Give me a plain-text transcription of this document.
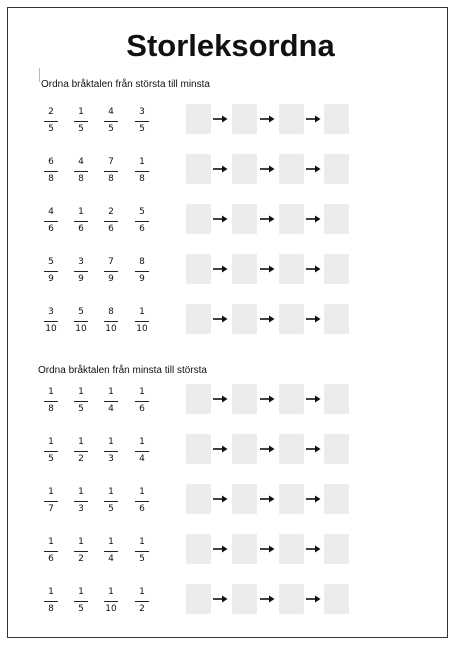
Storleksordna
Ordna bråktalen från största till minsta
2
5
1
5
4
5
3
5
6
8
4
8
7
8
1
8
4
6
1
6
2
6
5
6
5
9
3
9
7
9
8
9
3
10
5
10
8
10
1
10
Ordna bråktalen från minsta till största
1
8
1
5
1
4
1
6
1
5
1
2
1
3
1
4
1
7
1
3
1
5
1
6
1
6
1
2
1
4
1
5
1
8
1
5
1
10
1
2
